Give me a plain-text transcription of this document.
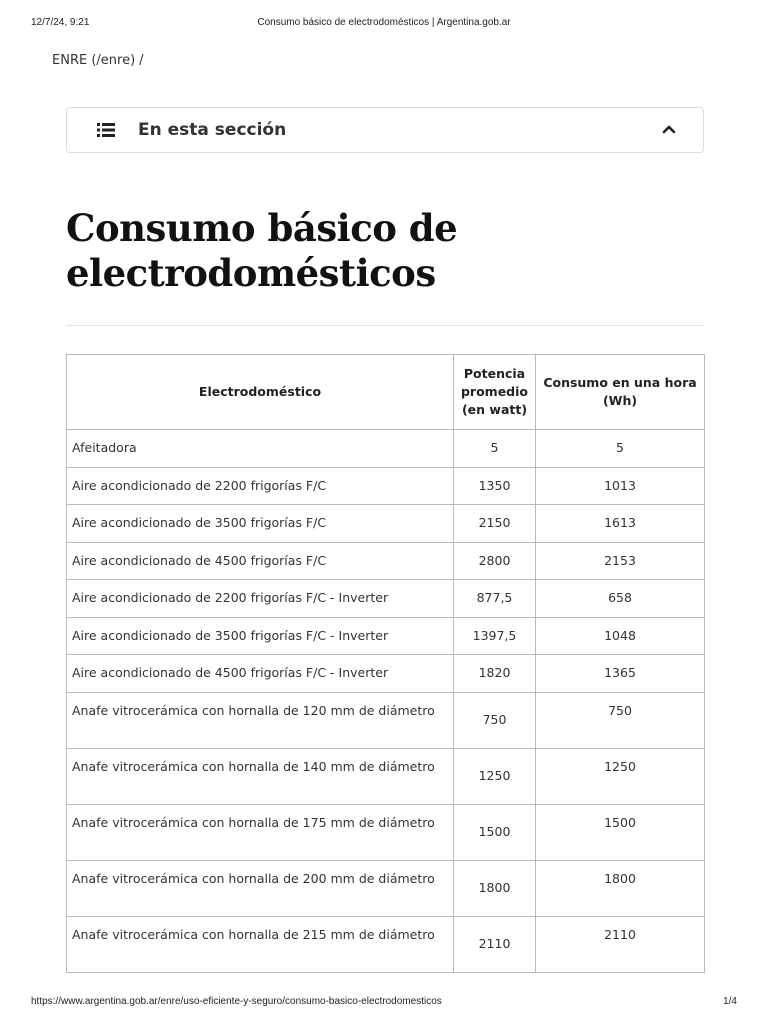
12/7/24, 9:21	Consumo básico de electrodomésticos | Argentina.gob.ar
ENRE (/enre) /
En esta sección
Consumo básico de electrodomésticos
Electrodoméstico	Potencia promedio (en watt)	Consumo en una hora (Wh)
Afeitadora	5	5
Aire acondicionado de 2200 frigorías F/C	1350	1013
Aire acondicionado de 3500 frigorías F/C	2150	1613
Aire acondicionado de 4500 frigorías F/C	2800	2153
Aire acondicionado de 2200 frigorías F/C - Inverter	877,5	658
Aire acondicionado de 3500 frigorías F/C - Inverter	1397,5	1048
Aire acondicionado de 4500 frigorías F/C - Inverter	1820	1365
Anafe vitrocerámica con hornalla de 120 mm de diámetro	750	750
Anafe vitrocerámica con hornalla de 140 mm de diámetro	1250	1250
Anafe vitrocerámica con hornalla de 175 mm de diámetro	1500	1500
Anafe vitrocerámica con hornalla de 200 mm de diámetro	1800	1800
Anafe vitrocerámica con hornalla de 215 mm de diámetro	2110	2110
https://www.argentina.gob.ar/enre/uso-eficiente-y-seguro/consumo-basico-electrodomesticos	1/4
